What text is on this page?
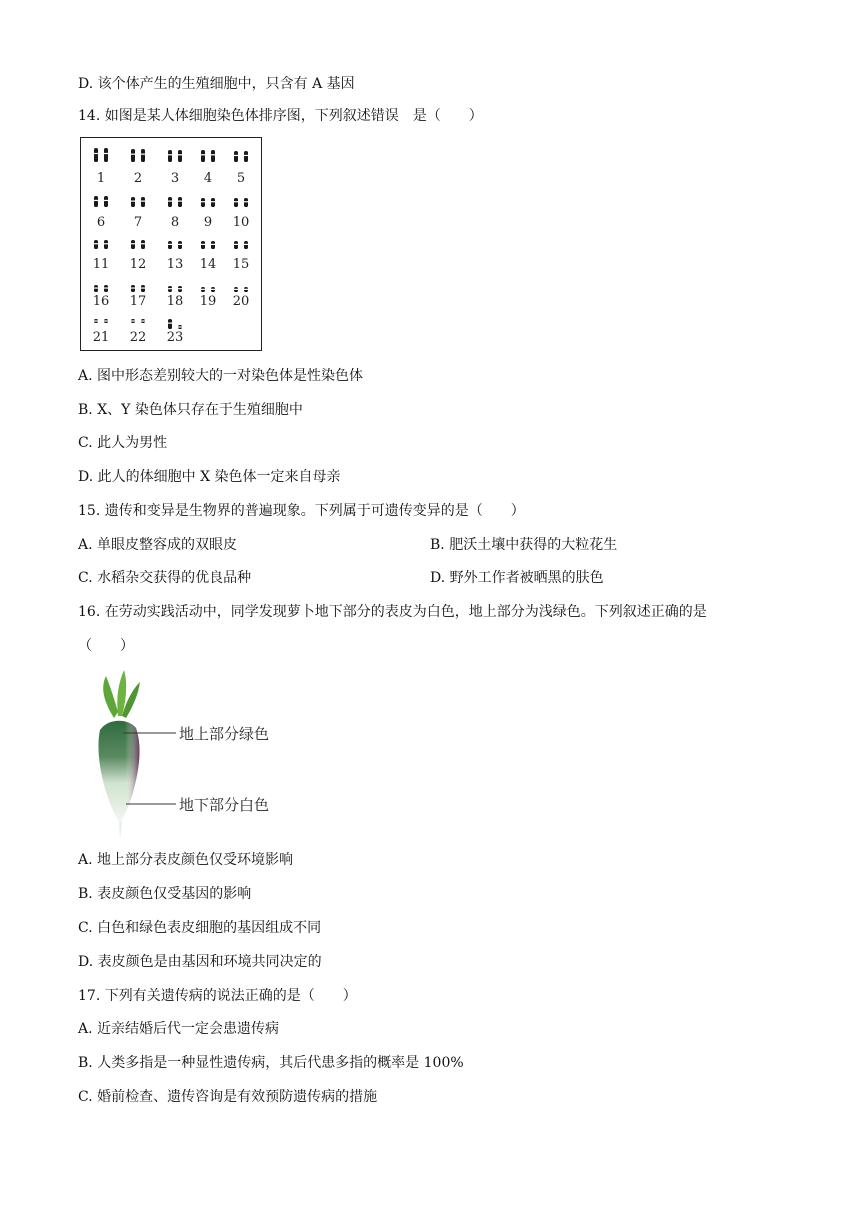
D. 该个体产生的生殖细胞中，只含有 A 基因
14. 如图是某人体细胞染色体排序图，下列叙述错误　是（　　）
1 2 3 4 5
6 7 8 9 10
11 12 13 14 15
16 17 18 19 20
21 22 23
A. 图中形态差别较大的一对染色体是性染色体
B. X、Y 染色体只存在于生殖细胞中
C. 此人为男性
D. 此人的体细胞中 X 染色体一定来自母亲
15. 遗传和变异是生物界的普遍现象。下列属于可遗传变异的是（　　）
A. 单眼皮整容成的双眼皮	B. 肥沃土壤中获得的大粒花生
C. 水稻杂交获得的优良品种	D. 野外工作者被晒黑的肤色
16. 在劳动实践活动中，同学发现萝卜地下部分的表皮为白色，地上部分为浅绿色。下列叙述正确的是
（　　）
地上部分绿色
地下部分白色
A. 地上部分表皮颜色仅受环境影响
B. 表皮颜色仅受基因的影响
C. 白色和绿色表皮细胞的基因组成不同
D. 表皮颜色是由基因和环境共同决定的
17. 下列有关遗传病的说法正确的是（　　）
A. 近亲结婚后代一定会患遗传病
B. 人类多指是一种显性遗传病，其后代患多指的概率是 100%
C. 婚前检查、遗传咨询是有效预防遗传病的措施
